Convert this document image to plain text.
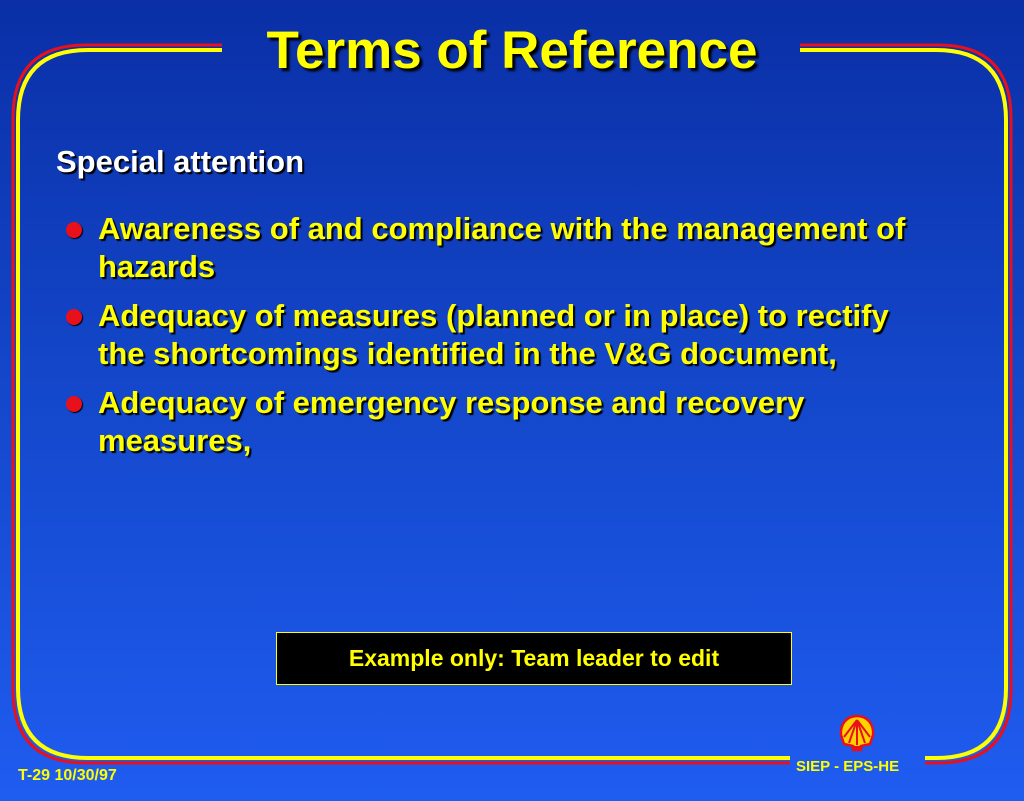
Terms of Reference
Special attention
Awareness of and compliance with the management of hazards
Adequacy of measures (planned or in place) to rectify the shortcomings identified in the V&G document,
Adequacy of emergency response and recovery measures,
Example only: Team leader to edit
SIEP - EPS-HE
T-29 10/30/97
